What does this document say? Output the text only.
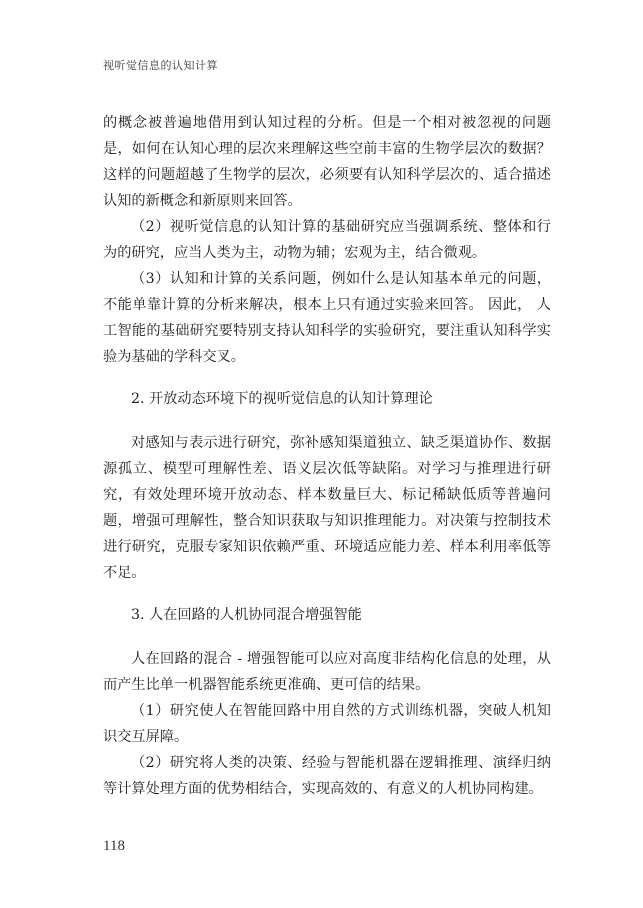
视听觉信息的认知计算

的概念被普遍地借用到认知过程的分析。但是一个相对被忽视的问题是，如何在认知心理的层次来理解这些空前丰富的生物学层次的数据？这样的问题超越了生物学的层次，必须要有认知科学层次的、适合描述认知的新概念和新原则来回答。

（2）视听觉信息的认知计算的基础研究应当强调系统、整体和行为的研究，应当人类为主，动物为辅；宏观为主，结合微观。

（3）认知和计算的关系问题，例如什么是认知基本单元的问题，不能单靠计算的分析来解决，根本上只有通过实验来回答。 因此， 人工智能的基础研究要特别支持认知科学的实验研究，要注重认知科学实验为基础的学科交叉。

2. 开放动态环境下的视听觉信息的认知计算理论

对感知与表示进行研究，弥补感知渠道独立、缺乏渠道协作、数据源孤立、模型可理解性差、语义层次低等缺陷。对学习与推理进行研究，有效处理环境开放动态、样本数量巨大、标记稀缺低质等普遍问题，增强可理解性，整合知识获取与知识推理能力。对决策与控制技术进行研究，克服专家知识依赖严重、环境适应能力差、样本利用率低等不足。

3. 人在回路的人机协同混合增强智能

人在回路的混合 - 增强智能可以应对高度非结构化信息的处理，从而产生比单一机器智能系统更准确、更可信的结果。

（1）研究使人在智能回路中用自然的方式训练机器，突破人机知识交互屏障。

（2）研究将人类的决策、经验与智能机器在逻辑推理、演绎归纳等计算处理方面的优势相结合，实现高效的、有意义的人机协同构建。

118
